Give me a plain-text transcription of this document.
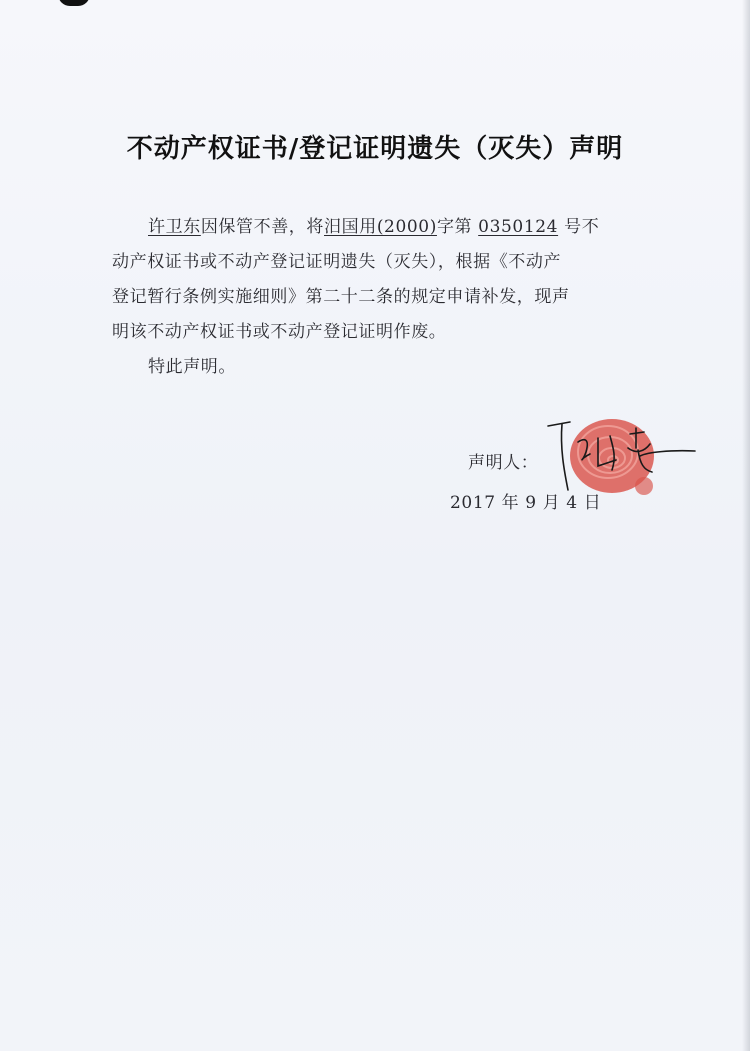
不动产权证书/登记证明遗失（灭失）声明
许卫东因保管不善，将汨国用(2000)字第 0350124 号不
动产权证书或不动产登记证明遗失（灭失），根据《不动产
登记暂行条例实施细则》第二十二条的规定申请补发，现声
明该不动产权证书或不动产登记证明作废。
特此声明。
声明人：
2017 年 9 月 4 日
